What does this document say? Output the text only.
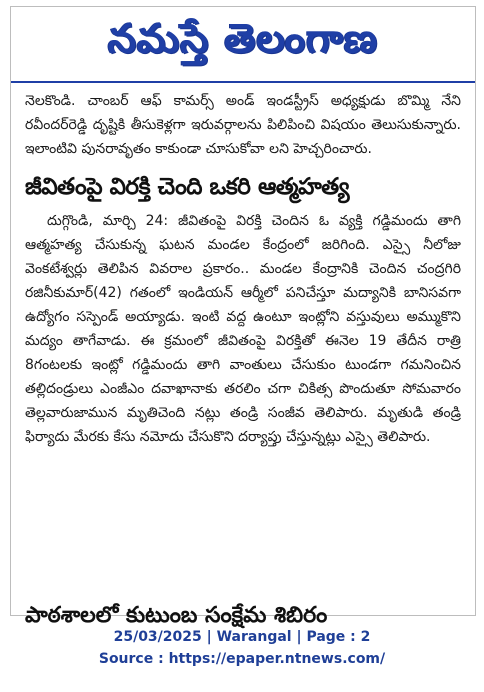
నమస్తే తెలంగాణ

నెలకొండి. చాంబర్ ఆఫ్ కామర్స్ అండ్ ఇండస్ట్రీస్ అధ్యక్షుడు బొమ్మి నేని రవీందర్‌రెడ్డి దృష్టికి తీసుకెళ్లగా ఇరువర్గాలను పిలిపించి విషయం తెలుసుకున్నారు. ఇలాంటివి పునరావృతం కాకుండా చూసుకోవా లని హెచ్చరించారు.

జీవితంపై విరక్తి చెంది ఒకరి ఆత్మహత్య

దుగ్గొండి, మార్చి 24: జీవితంపై విరక్తి చెందిన ఓ వ్యక్తి గడ్డిమందు తాగి ఆత్మహత్య చేసుకున్న ఘటన మండల కేంద్రంలో జరిగింది. ఎస్సై నీలోజు వెంకటేశ్వర్లు తెలిపిన వివరాల ప్రకారం.. మండల కేంద్రానికి చెందిన చంద్రగిరి రజినీకుమార్(42) గతంలో ఇండియన్ ఆర్మీలో పనిచేస్తూ మద్యానికి బానిసవగా ఉద్యోగం సస్పెండ్ అయ్యాడు. ఇంటి వద్ద ఉంటూ ఇంట్లోని వస్తువులు అమ్ముకొని మద్యం తాగేవాడు. ఈ క్రమంలో జీవితంపై విరక్తితో ఈనెల 19 తేదీన రాత్రి 8గంటలకు ఇంట్లో గడ్డిమందు తాగి వాంతులు చేసుకుం టుండగా గమనించిన తల్లిదండ్రులు ఎంజీఎం దవాఖానాకు తరలిం చగా చికిత్స పొందుతూ సోమవారం తెల్లవారుజామున మృతిచెంది నట్లు తండ్రి సంజీవ తెలిపారు. మృతుడి తండ్రి ఫిర్యాదు మేరకు కేసు నమోదు చేసుకొని దర్యాప్తు చేస్తున్నట్లు ఎస్సై తెలిపారు.

పాఠశాలలో కుటుంబ సంక్షేమ శిబిరం
25/03/2025 | Warangal | Page : 2
Source : https://epaper.ntnews.com/
